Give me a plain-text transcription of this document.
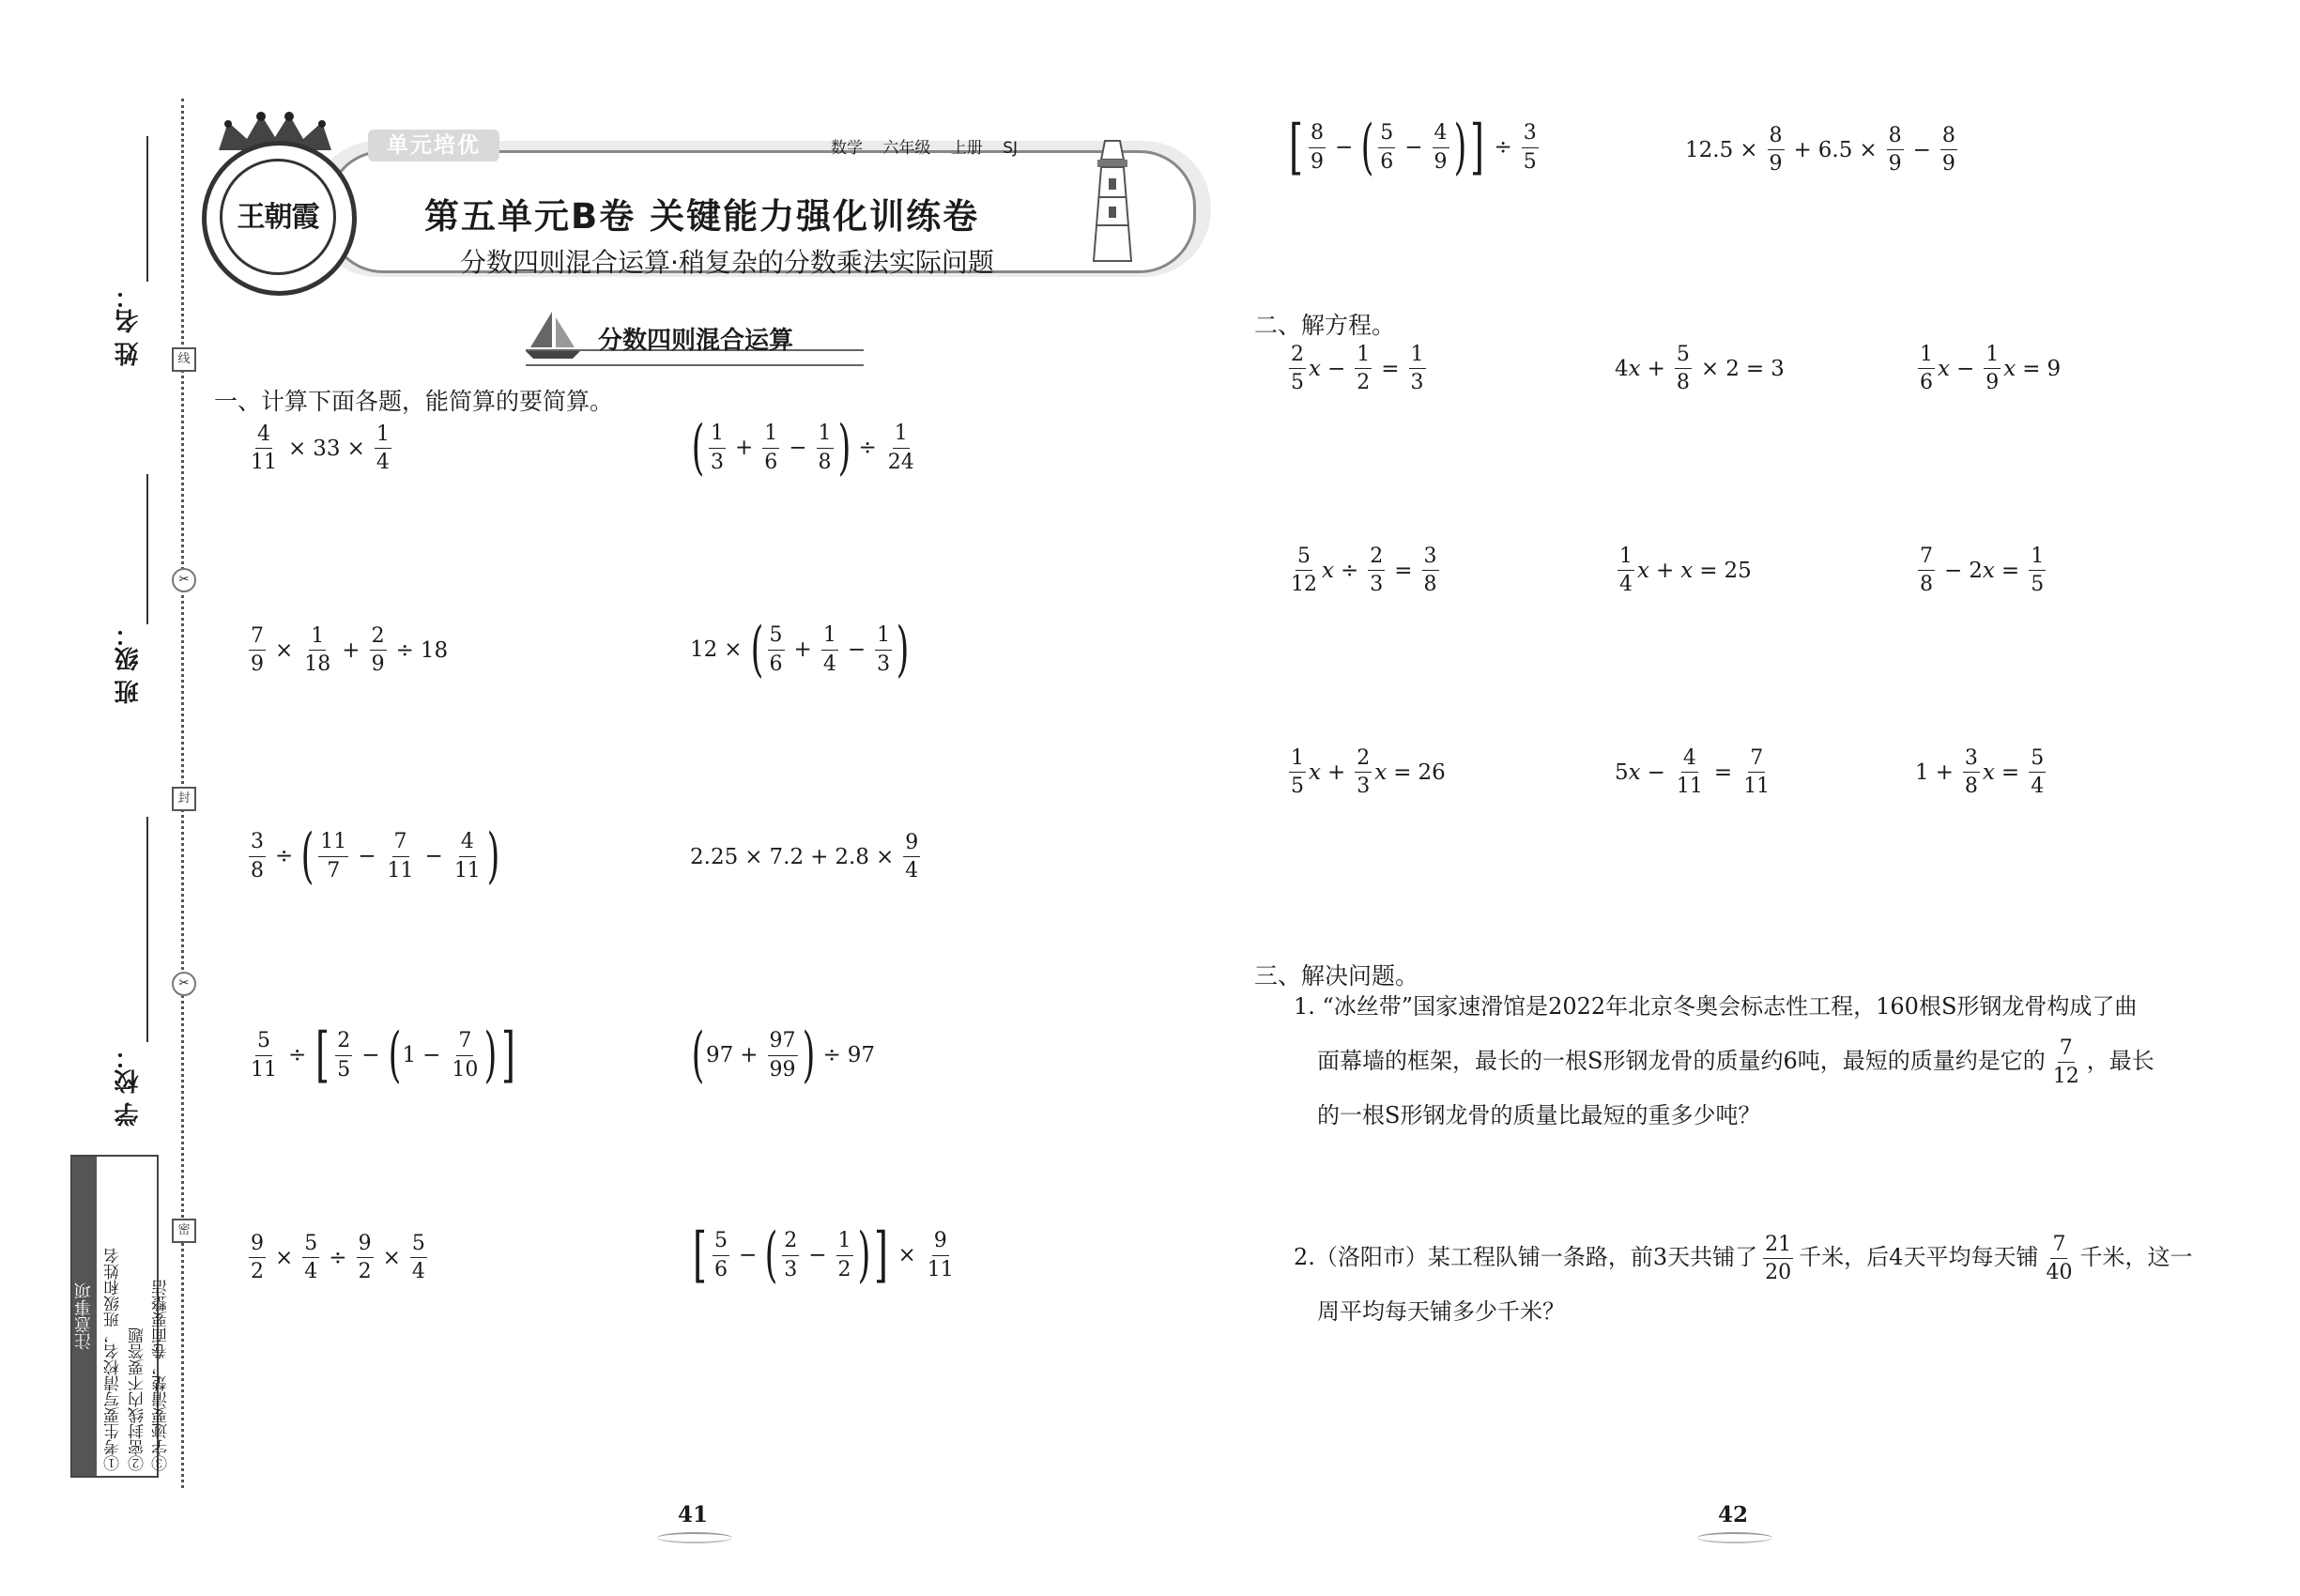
线
✂
封
✂
密
姓 名：
班 级：
学 校：
注意事项 ①考生要写清校名，班级和姓名 ②密封线内不要答题 ③字迹要清楚，卷面要整洁
王朝霞
单元培优	数学 六年级 上册 SJ
第五单元B卷 关键能力强化训练卷
分数四则混合运算·稍复杂的分数乘法实际问题
分数四则混合运算
一、计算下面各题，能简算的要简算。
$\frac{4}{11} \times 33 \times \frac{1}{4}$	( $\frac{1}{3} + \frac{1}{6} - \frac{1}{8}$ ) ÷ $\frac{1}{24}$
$\frac{7}{9} \times \frac{1}{18} + \frac{2}{9} \div 18$	12 × ( $\frac{5}{6} + \frac{1}{4} - \frac{1}{3}$ )
$\frac{3}{8}$ ÷ ( $\frac{11}{7} - \frac{7}{11} - \frac{4}{11}$ )	$2.25 \times 7.2 + 2.8 \times \frac{9}{4}$
$\frac{5}{11}$ ÷ [ $\frac{2}{5}$ − ( $1 - \frac{7}{10}$ ) ]	( $97 + \frac{97}{99}$ ) ÷ 97
$\frac{9}{2} \times \frac{5}{4} \div \frac{9}{2} \times \frac{5}{4}$	[ $\frac{5}{6}$ − ( $\frac{2}{3} - \frac{1}{2}$ ) ] × $\frac{9}{11}$
41
[ $\frac{8}{9}$ − ( $\frac{5}{6} - \frac{4}{9}$ ) ] ÷ $\frac{3}{5}$	$12.5 \times \frac{8}{9} + 6.5 \times \frac{8}{9} - \frac{8}{9}$
二、解方程。
$\frac{2}{5}$ $x - \frac{1}{2} = \frac{1}{3}$	4 $x + \frac{5}{8} \times 2 = 3$	$\frac{1}{6}$ $x - \frac{1}{9}$ x = 9
$\frac{5}{12}$ $x \div \frac{2}{3} = \frac{3}{8}$	$\frac{1}{4}$ x + x = 25	$\frac{7}{8} - 2$ $x = \frac{1}{5}$
$\frac{1}{5}$ $x + \frac{2}{3}$ x = 26	5 $x - \frac{4}{11} = \frac{7}{11}$	$1 + \frac{3}{8}$ $x = \frac{5}{4}$
三、解决问题。
1. “冰丝带”国家速滑馆是2022年北京冬奥会标志性工程，160根S形钢龙骨构成了曲
面幕墙的框架，最长的一根S形钢龙骨的质量约6吨，最短的质量约是它的 $\frac{7}{12}$ ，最长
的一根S形钢龙骨的质量比最短的重多少吨？
2.（洛阳市）某工程队铺一条路，前3天共铺了 $\frac{21}{20}$ 千米，后4天平均每天铺 $\frac{7}{40}$ 千米，这一
周平均每天铺多少千米？
42
